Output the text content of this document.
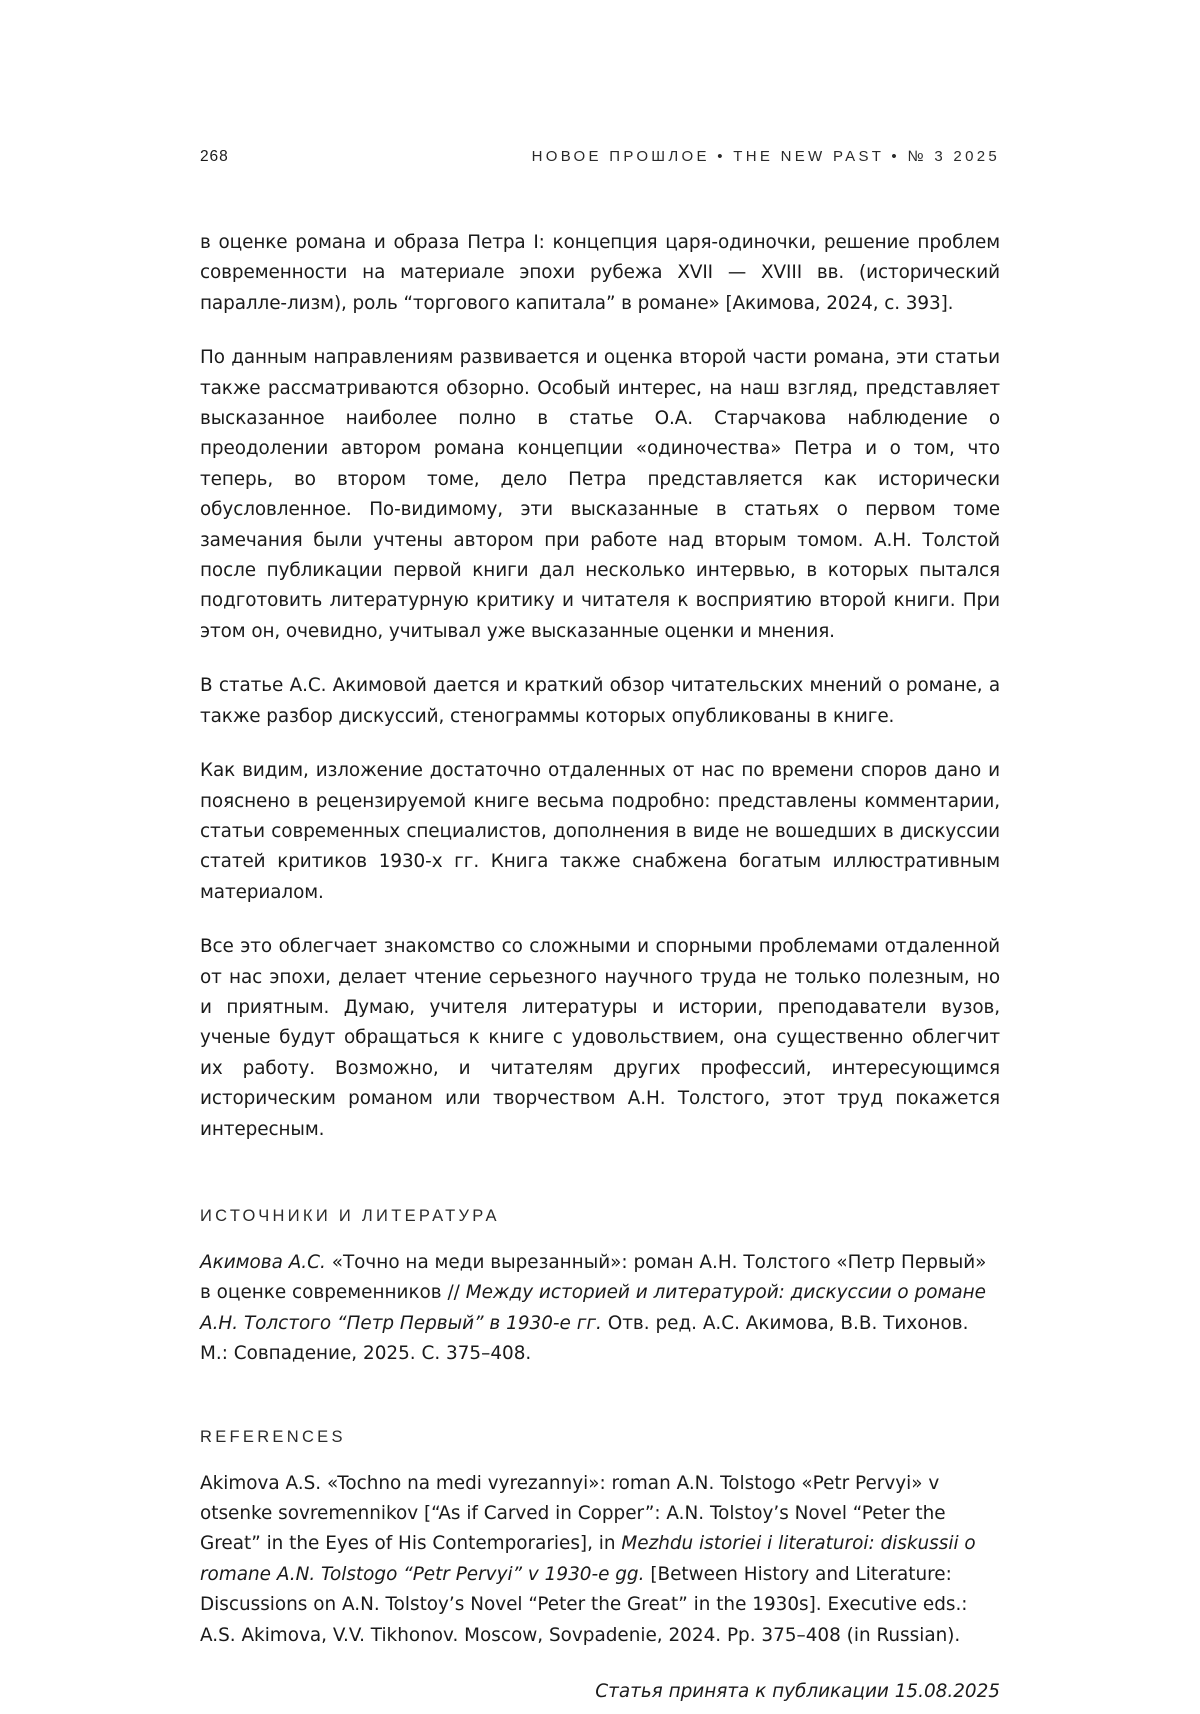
268	НОВОЕ ПРОШЛОЕ • THE NEW PAST • № 3 2025

в оценке романа и образа Петра I: концепция царя-одиночки, решение проблем современности на материале эпохи рубежа XVII — XVIII вв. (исторический паралле-лизм), роль “торгового капитала” в романе» [Акимова, 2024, с. 393].

По данным направлениям развивается и оценка второй части романа, эти статьи также рассматриваются обзорно. Особый интерес, на наш взгляд, представляет высказанное наиболее полно в статье О.А. Старчакова наблюдение о преодолении автором романа концепции «одиночества» Петра и о том, что теперь, во втором томе, дело Петра представляется как исторически обусловленное. По-видимому, эти высказанные в статьях о первом томе замечания были учтены автором при работе над вторым томом. А.Н. Толстой после публикации первой книги дал несколько интервью, в которых пытался подготовить литературную критику и читателя к восприятию второй книги. При этом он, очевидно, учитывал уже высказанные оценки и мнения.

В статье А.С. Акимовой дается и краткий обзор читательских мнений о романе, а также разбор дискуссий, стенограммы которых опубликованы в книге.

Как видим, изложение достаточно отдаленных от нас по времени споров дано и пояснено в рецензируемой книге весьма подробно: представлены комментарии, статьи современных специалистов, дополнения в виде не вошедших в дискуссии статей критиков 1930-х гг. Книга также снабжена богатым иллюстративным материалом.

Все это облегчает знакомство со сложными и спорными проблемами отдаленной от нас эпохи, делает чтение серьезного научного труда не только полезным, но и приятным. Думаю, учителя литературы и истории, преподаватели вузов, ученые будут обращаться к книге с удовольствием, она существенно облегчит их работу. Возможно, и читателям других профессий, интересующимся историческим романом или творчеством А.Н. Толстого, этот труд покажется интересным.

ИСТОЧНИКИ И ЛИТЕРАТУРА

Акимова А.С. «Точно на меди вырезанный»: роман А.Н. Толстого «Петр Первый» в оценке современников // Между историей и литературой: дискуссии о романе А.Н. Толстого “Петр Первый” в 1930-е гг. Отв. ред. А.С. Акимова, В.В. Тихонов. М.: Совпадение, 2025. С. 375–408.

REFERENCES

Akimova A.S. «Tochno na medi vyrezannyi»: roman A.N. Tolstogo «Petr Pervyi» v otsenke sovremennikov [“As if Carved in Copper”: A.N. Tolstoy’s Novel “Peter the Great” in the Eyes of His Contemporaries], in Mezhdu istoriei i literaturoi: diskussii o romane A.N. Tolstogo “Petr Pervyi” v 1930-e gg. [Between History and Literature: Discussions on A.N. Tolstoy’s Novel “Peter the Great” in the 1930s]. Executive eds.: A.S. Akimova, V.V. Tikhonov. Moscow, Sovpadenie, 2024. Pp. 375–408 (in Russian).

Статья принята к публикации 15.08.2025
